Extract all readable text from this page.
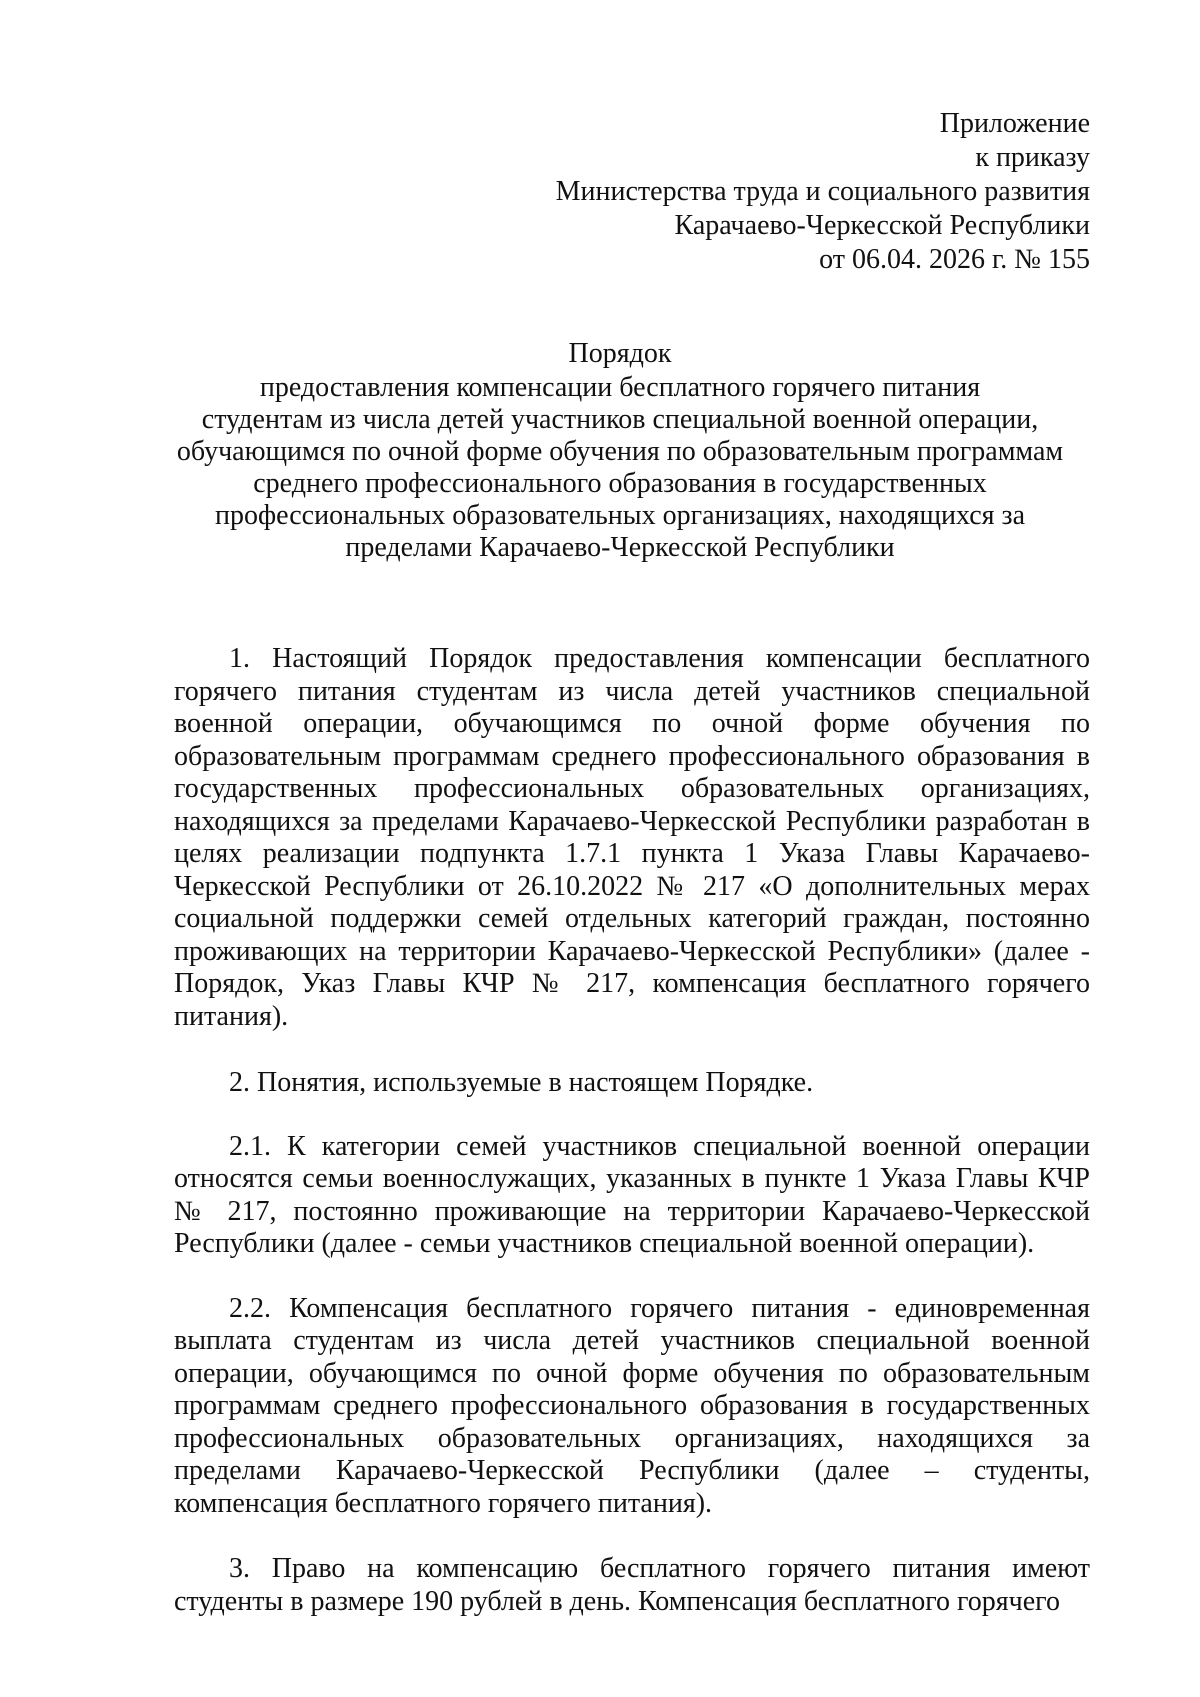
Приложение
к приказу
Министерства труда и социального развития
Карачаево-Черкесской Республики
от 06.04. 2026 г. № 155
Порядок
предоставления компенсации бесплатного горячего питания
студентам из числа детей участников специальной военной операции,
обучающимся по очной форме обучения по образовательным программам
среднего профессионального образования в государственных
профессиональных образовательных организациях, находящихся за
пределами Карачаево-Черкесской Республики

1. Настоящий Порядок предоставления компенсации бесплатного горячего питания студентам из числа детей участников специальной военной операции, обучающимся по очной форме обучения по образовательным программам среднего профессионального образования в государственных профессиональных образовательных организациях, находящихся за пределами Карачаево-Черкесской Республики разработан в целях реализации подпункта 1.7.1 пункта 1 Указа Главы Карачаево-Черкесской Республики от 26.10.2022 № 217 «О дополнительных мерах социальной поддержки семей отдельных категорий граждан, постоянно проживающих на территории Карачаево-Черкесской Республики» (далее - Порядок, Указ Главы КЧР № 217, компенсация бесплатного горячего питания).

2. Понятия, используемые в настоящем Порядке.

2.1. К категории семей участников специальной военной операции относятся семьи военнослужащих, указанных в пункте 1 Указа Главы КЧР № 217, постоянно проживающие на территории Карачаево-Черкесской Республики (далее - семьи участников специальной военной операции).

2.2. Компенсация бесплатного горячего питания - единовременная выплата студентам из числа детей участников специальной военной операции, обучающимся по очной форме обучения по образовательным программам среднего профессионального образования в государственных профессиональных образовательных организациях, находящихся за пределами Карачаево-Черкесской Республики (далее – студенты, компенсация бесплатного горячего питания).

3. Право на компенсацию бесплатного горячего питания имеют студенты в размере 190 рублей в день. Компенсация бесплатного горячего
